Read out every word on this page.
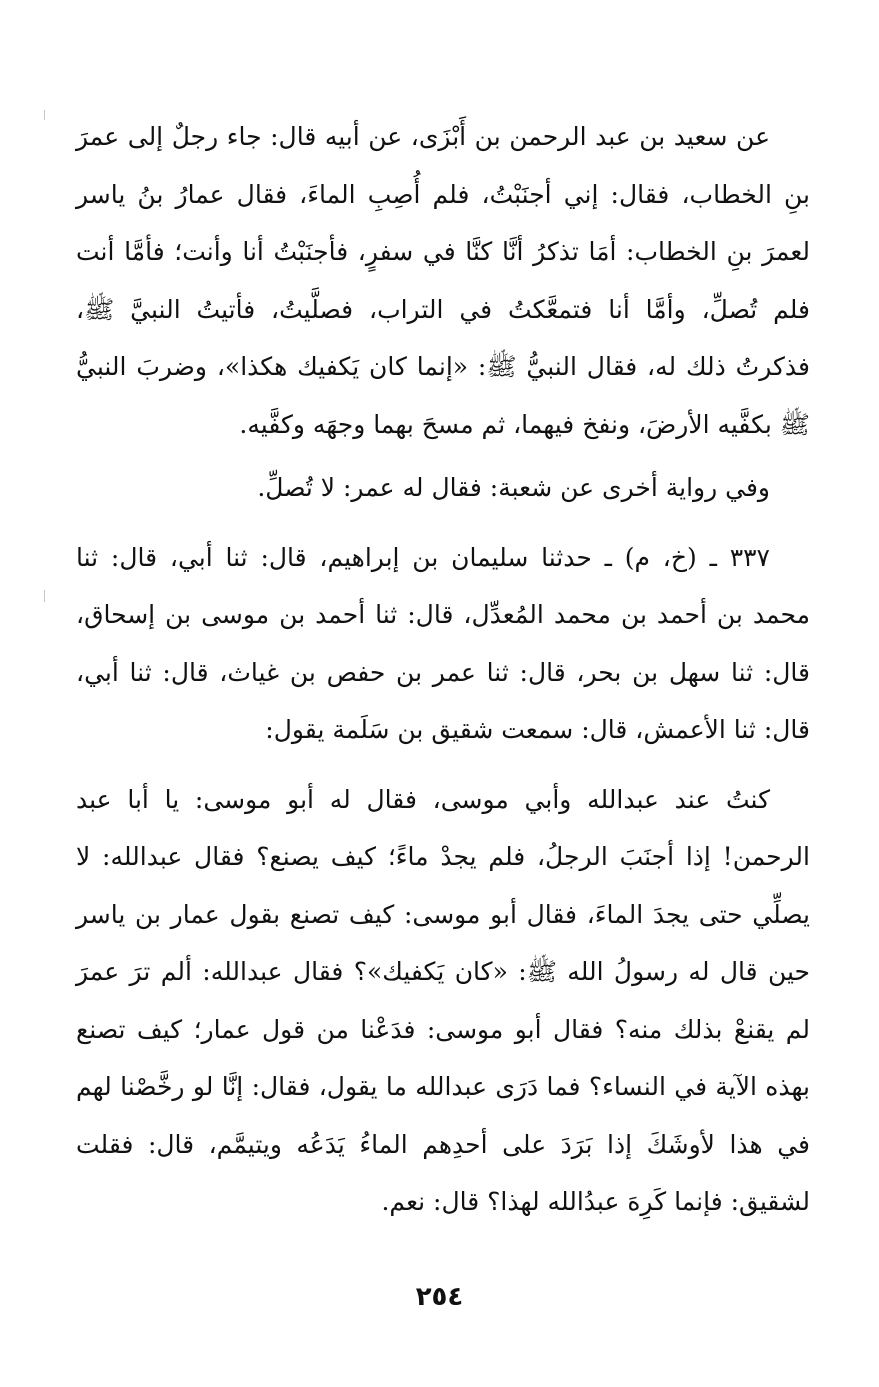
عن سعيد بن عبد الرحمن بن أَبْزَى، عن أبيه قال: جاء رجلٌ إلى عمرَ بنِ الخطاب، فقال: إني أجنَبْتُ، فلم أُصِبِ الماءَ، فقال عمارُ بنُ ياسر لعمرَ بنِ الخطاب: أمَا تذكرُ أنَّا كنَّا في سفرٍ، فأجنَبْتُ أنا وأنت؛ فأمَّا أنت فلم تُصلِّ، وأمَّا أنا فتمعَّكتُ في التراب، فصلَّيتُ، فأتيتُ النبيَّ ﷺ، فذكرتُ ذلك له، فقال النبيُّ ﷺ: «إنما كان يَكفيك هكذا»، وضربَ النبيُّ ﷺ بكفَّيه الأرضَ، ونفخ فيهما، ثم مسحَ بهما وجهَه وكفَّيه.

وفي رواية أخرى عن شعبة: فقال له عمر: لا تُصلِّ.

٣٣٧ ـ (خ، م) ـ حدثنا سليمان بن إبراهيم، قال: ثنا أبي، قال: ثنا محمد بن أحمد بن محمد المُعدِّل، قال: ثنا أحمد بن موسى بن إسحاق، قال: ثنا سهل بن بحر، قال: ثنا عمر بن حفص بن غياث، قال: ثنا أبي، قال: ثنا الأعمش، قال: سمعت شقيق بن سَلَمة يقول:

كنتُ عند عبدالله وأبي موسى، فقال له أبو موسى: يا أبا عبد الرحمن! إذا أجنَبَ الرجلُ، فلم يجدْ ماءً؛ كيف يصنع؟ فقال عبدالله: لا يصلِّي حتى يجدَ الماءَ، فقال أبو موسى: كيف تصنع بقول عمار بن ياسر حين قال له رسولُ الله ﷺ: «كان يَكفيك»؟ فقال عبدالله: ألم ترَ عمرَ لم يقنعْ بذلك منه؟ فقال أبو موسى: فدَعْنا من قول عمار؛ كيف تصنع بهذه الآية في النساء؟ فما دَرَى عبدالله ما يقول، فقال: إنَّا لو رخَّصْنا لهم في هذا لأوشَكَ إذا بَرَدَ على أحدِهم الماءُ يَدَعُه ويتيمَّم، قال: فقلت لشقيق: فإنما كَرِهَ عبدُالله لهذا؟ قال: نعم.

٢٥٤
